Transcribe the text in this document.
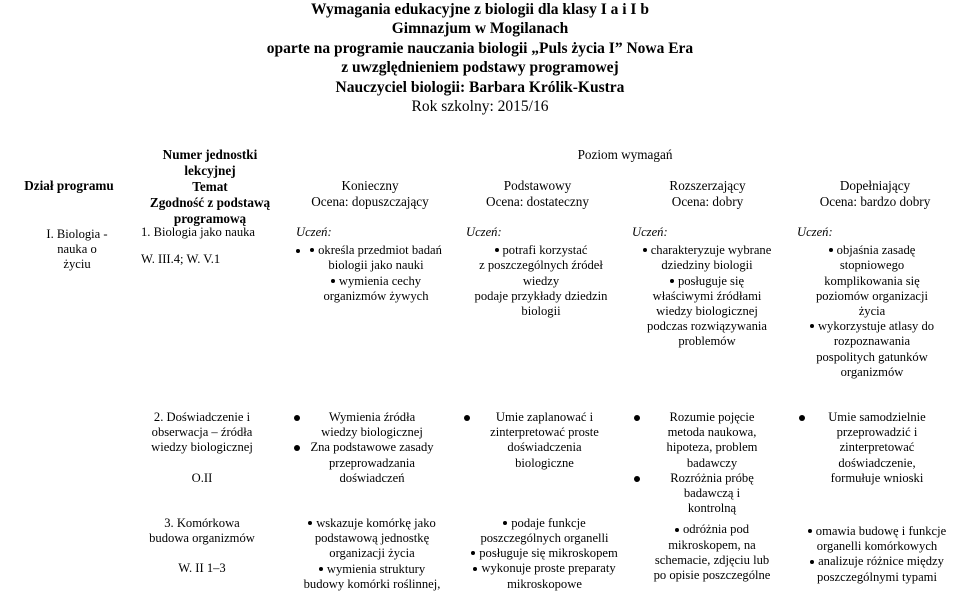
Wymagania edukacyjne z biologii dla klasy I a i I b
Gimnazjum w Mogilanach
oparte na programie nauczania biologii „Puls życia I” Nowa Era
z uwzględnieniem podstawy programowej
Nauczyciel biologii: Barbara Królik-Kustra
Rok szkolny: 2015/16
Dział programu
Numer jednostki
lekcyjnej
Temat
Zgodność z podstawą
programową
Poziom wymagań
Konieczny
Ocena: dopuszczający
Podstawowy
Ocena: dostateczny
Rozszerzający
Ocena: dobry
Dopełniający
Ocena: bardzo dobry
I. Biologia -
nauka o
życiu
1. Biologia jako nauka
W. III.4; W. V.1
Uczeń:
określa przedmiot badań
biologii jako nauki
wymienia cechy
organizmów żywych
Uczeń:
potrafi korzystać
z poszczególnych źródeł
wiedzy
podaje przykłady dziedzin
biologii
Uczeń:
charakteryzuje wybrane
dziedziny biologii
posługuje się
właściwymi źródłami
wiedzy biologicznej
podczas rozwiązywania
problemów
Uczeń:
objaśnia zasadę
stopniowego
komplikowania się
poziomów organizacji
życia
wykorzystuje atlasy do
rozpoznawania
pospolitych gatunków
organizmów
2. Doświadczenie i
obserwacja – źródła
wiedzy biologicznej
O.II
3. Komórkowa
budowa organizmów
W. II 1–3
Wymienia źródła
wiedzy biologicznej
Zna podstawowe zasady
przeprowadzania
doświadczeń
wskazuje komórkę jako
podstawową jednostkę
organizacji życia
wymienia struktury
budowy komórki roślinnej,
Umie zaplanować i
zinterpretować proste
doświadczenia
biologiczne
podaje funkcje
poszczególnych organelli
posługuje się mikroskopem
wykonuje proste preparaty
mikroskopowe
Rozumie pojęcie
metoda naukowa,
hipoteza, problem
badawczy
Rozróżnia próbę
badawczą i
kontrolną
odróżnia pod
mikroskopem, na
schemacie, zdjęciu lub
po opisie poszczególne
Umie samodzielnie
przeprowadzić i
zinterpretować
doświadczenie,
formułuje wnioski
omawia budowę i funkcje
organelli komórkowych
analizuje różnice między
poszczególnymi typami
